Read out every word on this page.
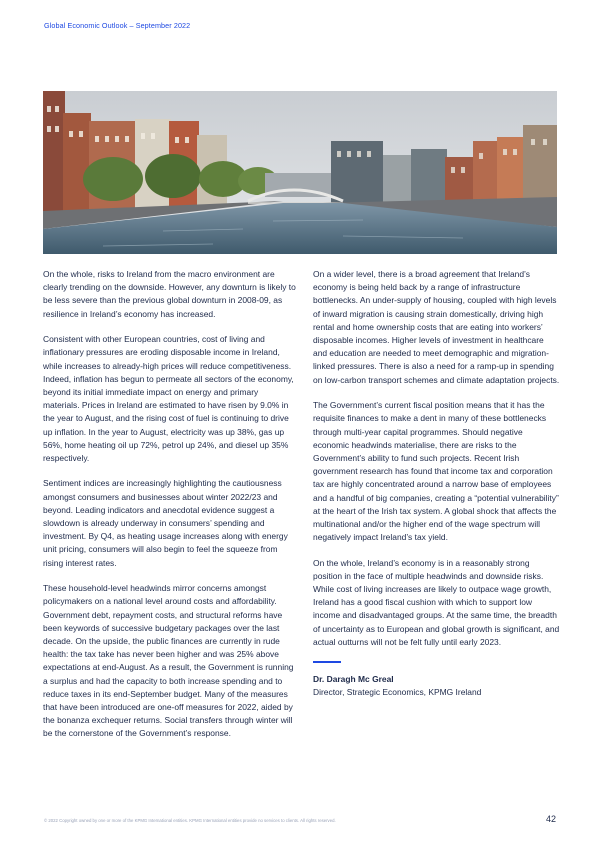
Global Economic Outlook – September 2022

On the whole, risks to Ireland from the macro environment are clearly trending on the downside. However, any downturn is likely to be less severe than the previous global downturn in 2008-09, as resilience in Ireland’s economy has increased.

Consistent with other European countries, cost of living and inflationary pressures are eroding disposable income in Ireland, while increases to already-high prices will reduce competitiveness. Indeed, inflation has begun to permeate all sectors of the economy, beyond its initial immediate impact on energy and primary materials. Prices in Ireland are estimated to have risen by 9.0% in the year to August, and the rising cost of fuel is continuing to drive up inflation. In the year to August, electricity was up 38%, gas up 56%, home heating oil up 72%, petrol up 24%, and diesel up 35% respectively.

Sentiment indices are increasingly highlighting the cautiousness amongst consumers and businesses about winter 2022/23 and beyond. Leading indicators and anecdotal evidence suggest a slowdown is already underway in consumers’ spending and investment. By Q4, as heating usage increases along with energy unit pricing, consumers will also begin to feel the squeeze from rising interest rates.

These household-level headwinds mirror concerns amongst policymakers on a national level around costs and affordability. Government debt, repayment costs, and structural reforms have been keywords of successive budgetary packages over the last decade. On the upside, the public finances are currently in rude health: the tax take has never been higher and was 25% above expectations at end-August. As a result, the Government is running a surplus and had the capacity to both increase spending and to reduce taxes in its end-September budget. Many of the measures that have been introduced are one-off measures for 2022, aided by the bonanza exchequer returns. Social transfers through winter will be the cornerstone of the Government’s response.

On a wider level, there is a broad agreement that Ireland’s economy is being held back by a range of infrastructure bottlenecks. An under-supply of housing, coupled with high levels of inward migration is causing strain domestically, driving high rental and home ownership costs that are eating into workers’ disposable incomes. Higher levels of investment in healthcare and education are needed to meet demographic and migration-linked pressures. There is also a need for a ramp-up in spending on low-carbon transport schemes and climate adaptation projects.

The Government’s current fiscal position means that it has the requisite finances to make a dent in many of these bottlenecks through multi-year capital programmes. Should negative economic headwinds materialise, there are risks to the Government’s ability to fund such projects. Recent Irish government research has found that income tax and corporation tax are highly concentrated around a narrow base of employees and a handful of big companies, creating a “potential vulnerability” at the heart of the Irish tax system. A global shock that affects the multinational and/or the higher end of the wage spectrum will negatively impact Ireland’s tax yield.

On the whole, Ireland’s economy is in a reasonably strong position in the face of multiple headwinds and downside risks. While cost of living increases are likely to outpace wage growth, Ireland has a good fiscal cushion with which to support low income and disadvantaged groups. At the same time, the breadth of uncertainty as to European and global growth is significant, and actual outturns will not be felt fully until early 2023.

Dr. Daragh Mc Greal
Director, Strategic Economics, KPMG Ireland
© 2022 Copyright owned by one or more of the KPMG International entities. KPMG International entities provide no services to clients. All rights reserved.	42
